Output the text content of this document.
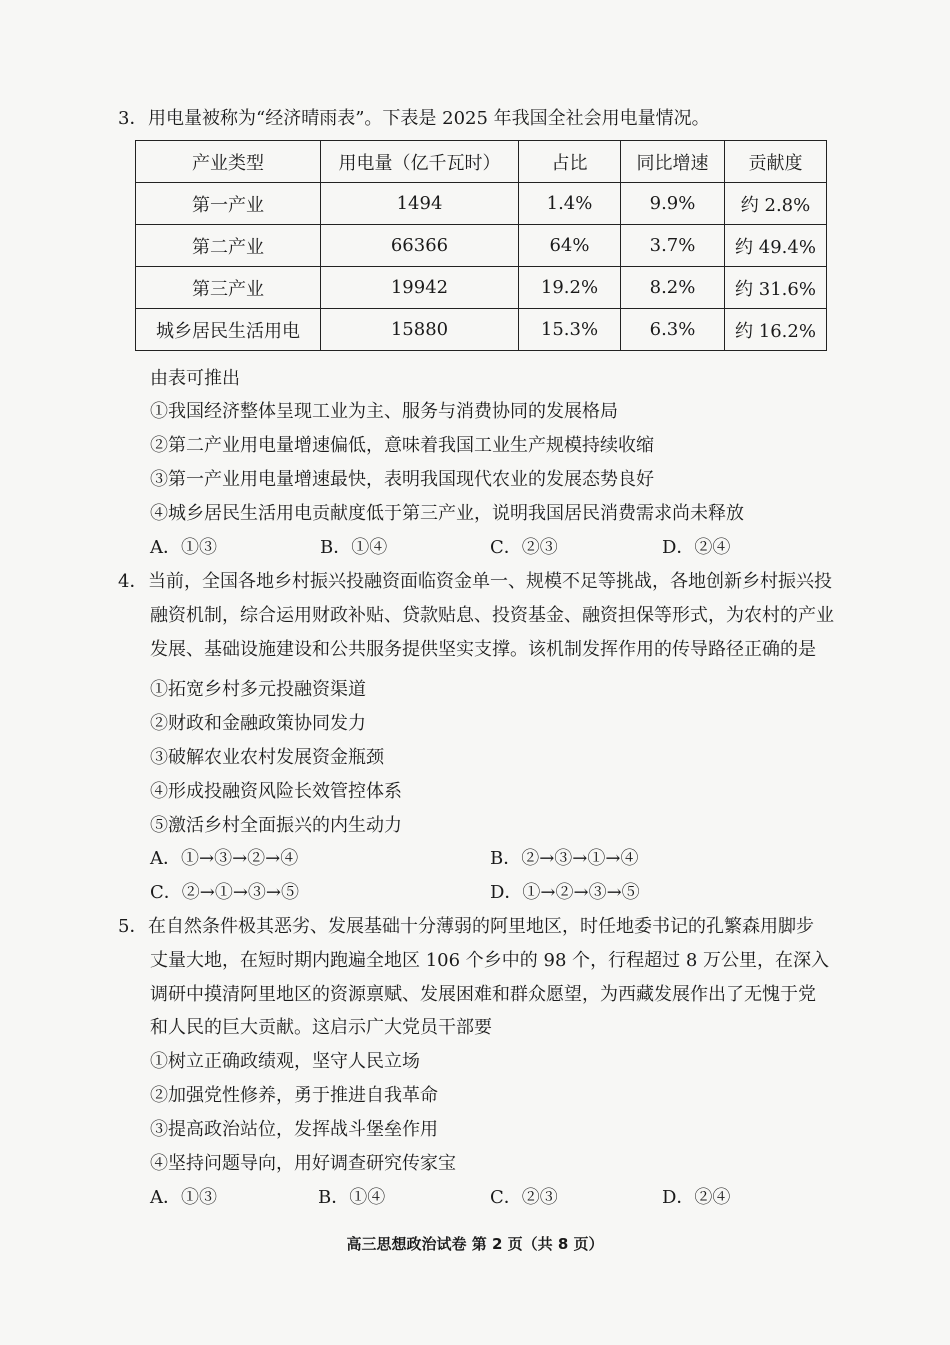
3． 用电量被称为“经济晴雨表”。下表是 2025 年我国全社会用电量情况。
产业类型	用电量（亿千瓦时）	占比	同比增速	贡献度
第一产业	1494	1.4%	9.9%	约 2.8%
第二产业	66366	64%	3.7%	约 49.4%
第三产业	19942	19.2%	8.2%	约 31.6%
城乡居民生活用电	15880	15.3%	6.3%	约 16.2%
由表可推出
①我国经济整体呈现工业为主、服务与消费协同的发展格局
②第二产业用电量增速偏低，意味着我国工业生产规模持续收缩
③第一产业用电量增速最快，表明我国现代农业的发展态势良好
④城乡居民生活用电贡献度低于第三产业，说明我国居民消费需求尚未释放
A．①③	B．①④	C．②③	D．②④
4． 当前，全国各地乡村振兴投融资面临资金单一、规模不足等挑战，各地创新乡村振兴投
融资机制，综合运用财政补贴、贷款贴息、投资基金、融资担保等形式，为农村的产业
发展、基础设施建设和公共服务提供坚实支撑。该机制发挥作用的传导路径正确的是
①拓宽乡村多元投融资渠道
②财政和金融政策协同发力
③破解农业农村发展资金瓶颈
④形成投融资风险长效管控体系
⑤激活乡村全面振兴的内生动力
A．①→③→②→④	B．②→③→①→④
C．②→①→③→⑤	D．①→②→③→⑤
5． 在自然条件极其恶劣、发展基础十分薄弱的阿里地区，时任地委书记的孔繁森用脚步
丈量大地，在短时期内跑遍全地区 106 个乡中的 98 个，行程超过 8 万公里，在深入
调研中摸清阿里地区的资源禀赋、发展困难和群众愿望，为西藏发展作出了无愧于党
和人民的巨大贡献。这启示广大党员干部要
①树立正确政绩观，坚守人民立场
②加强党性修养，勇于推进自我革命
③提高政治站位，发挥战斗堡垒作用
④坚持问题导向，用好调查研究传家宝
A．①③	B．①④	C．②③	D．②④
高三思想政治试卷 第 2 页（共 8 页）
